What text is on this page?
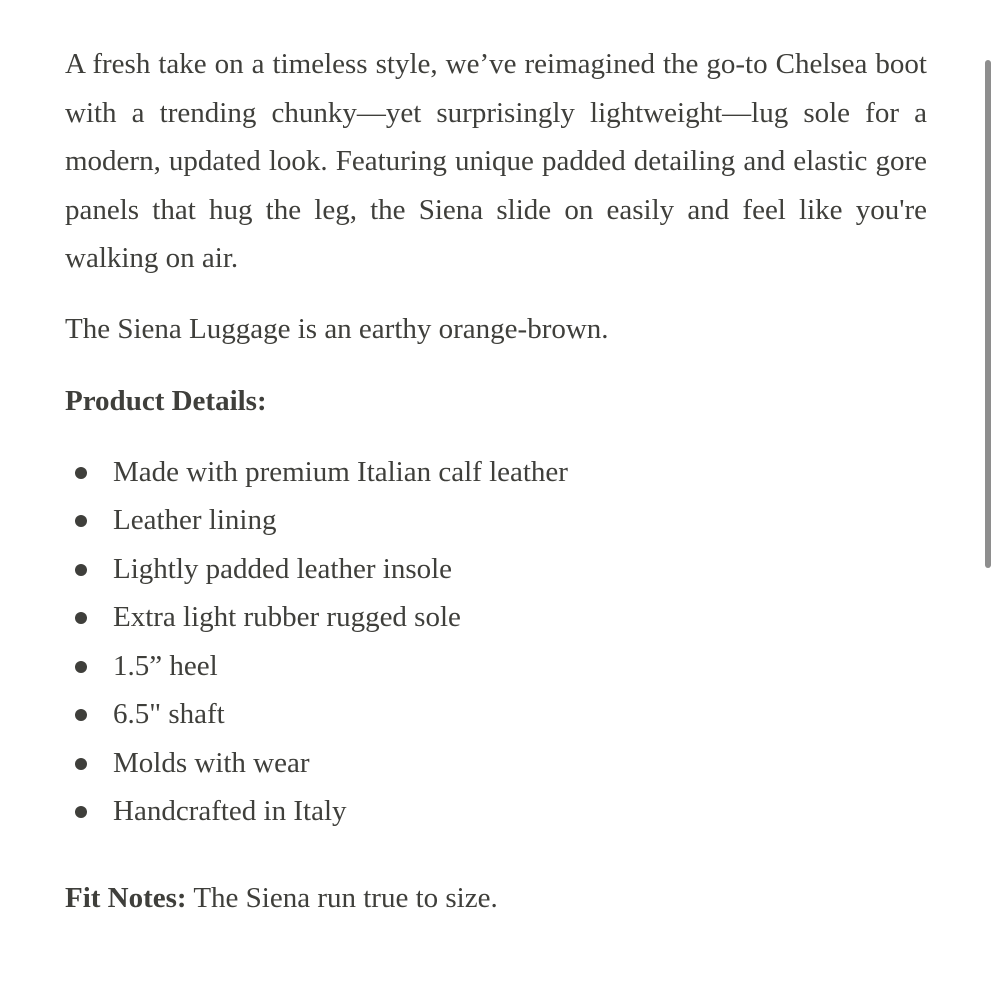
A fresh take on a timeless style, we’ve reimagined the go-to Chelsea boot with a trending chunky—yet surprisingly lightweight—lug sole for a modern, updated look. Featuring unique padded detailing and elastic gore panels that hug the leg, the Siena slide on easily and feel like you're walking on air.

The Siena Luggage is an earthy orange-brown.

Product Details:

Made with premium Italian calf leather
Leather lining
Lightly padded leather insole
Extra light rubber rugged sole
1.5” heel
6.5" shaft
Molds with wear
Handcrafted in Italy

Fit Notes: The Siena run true to size.
